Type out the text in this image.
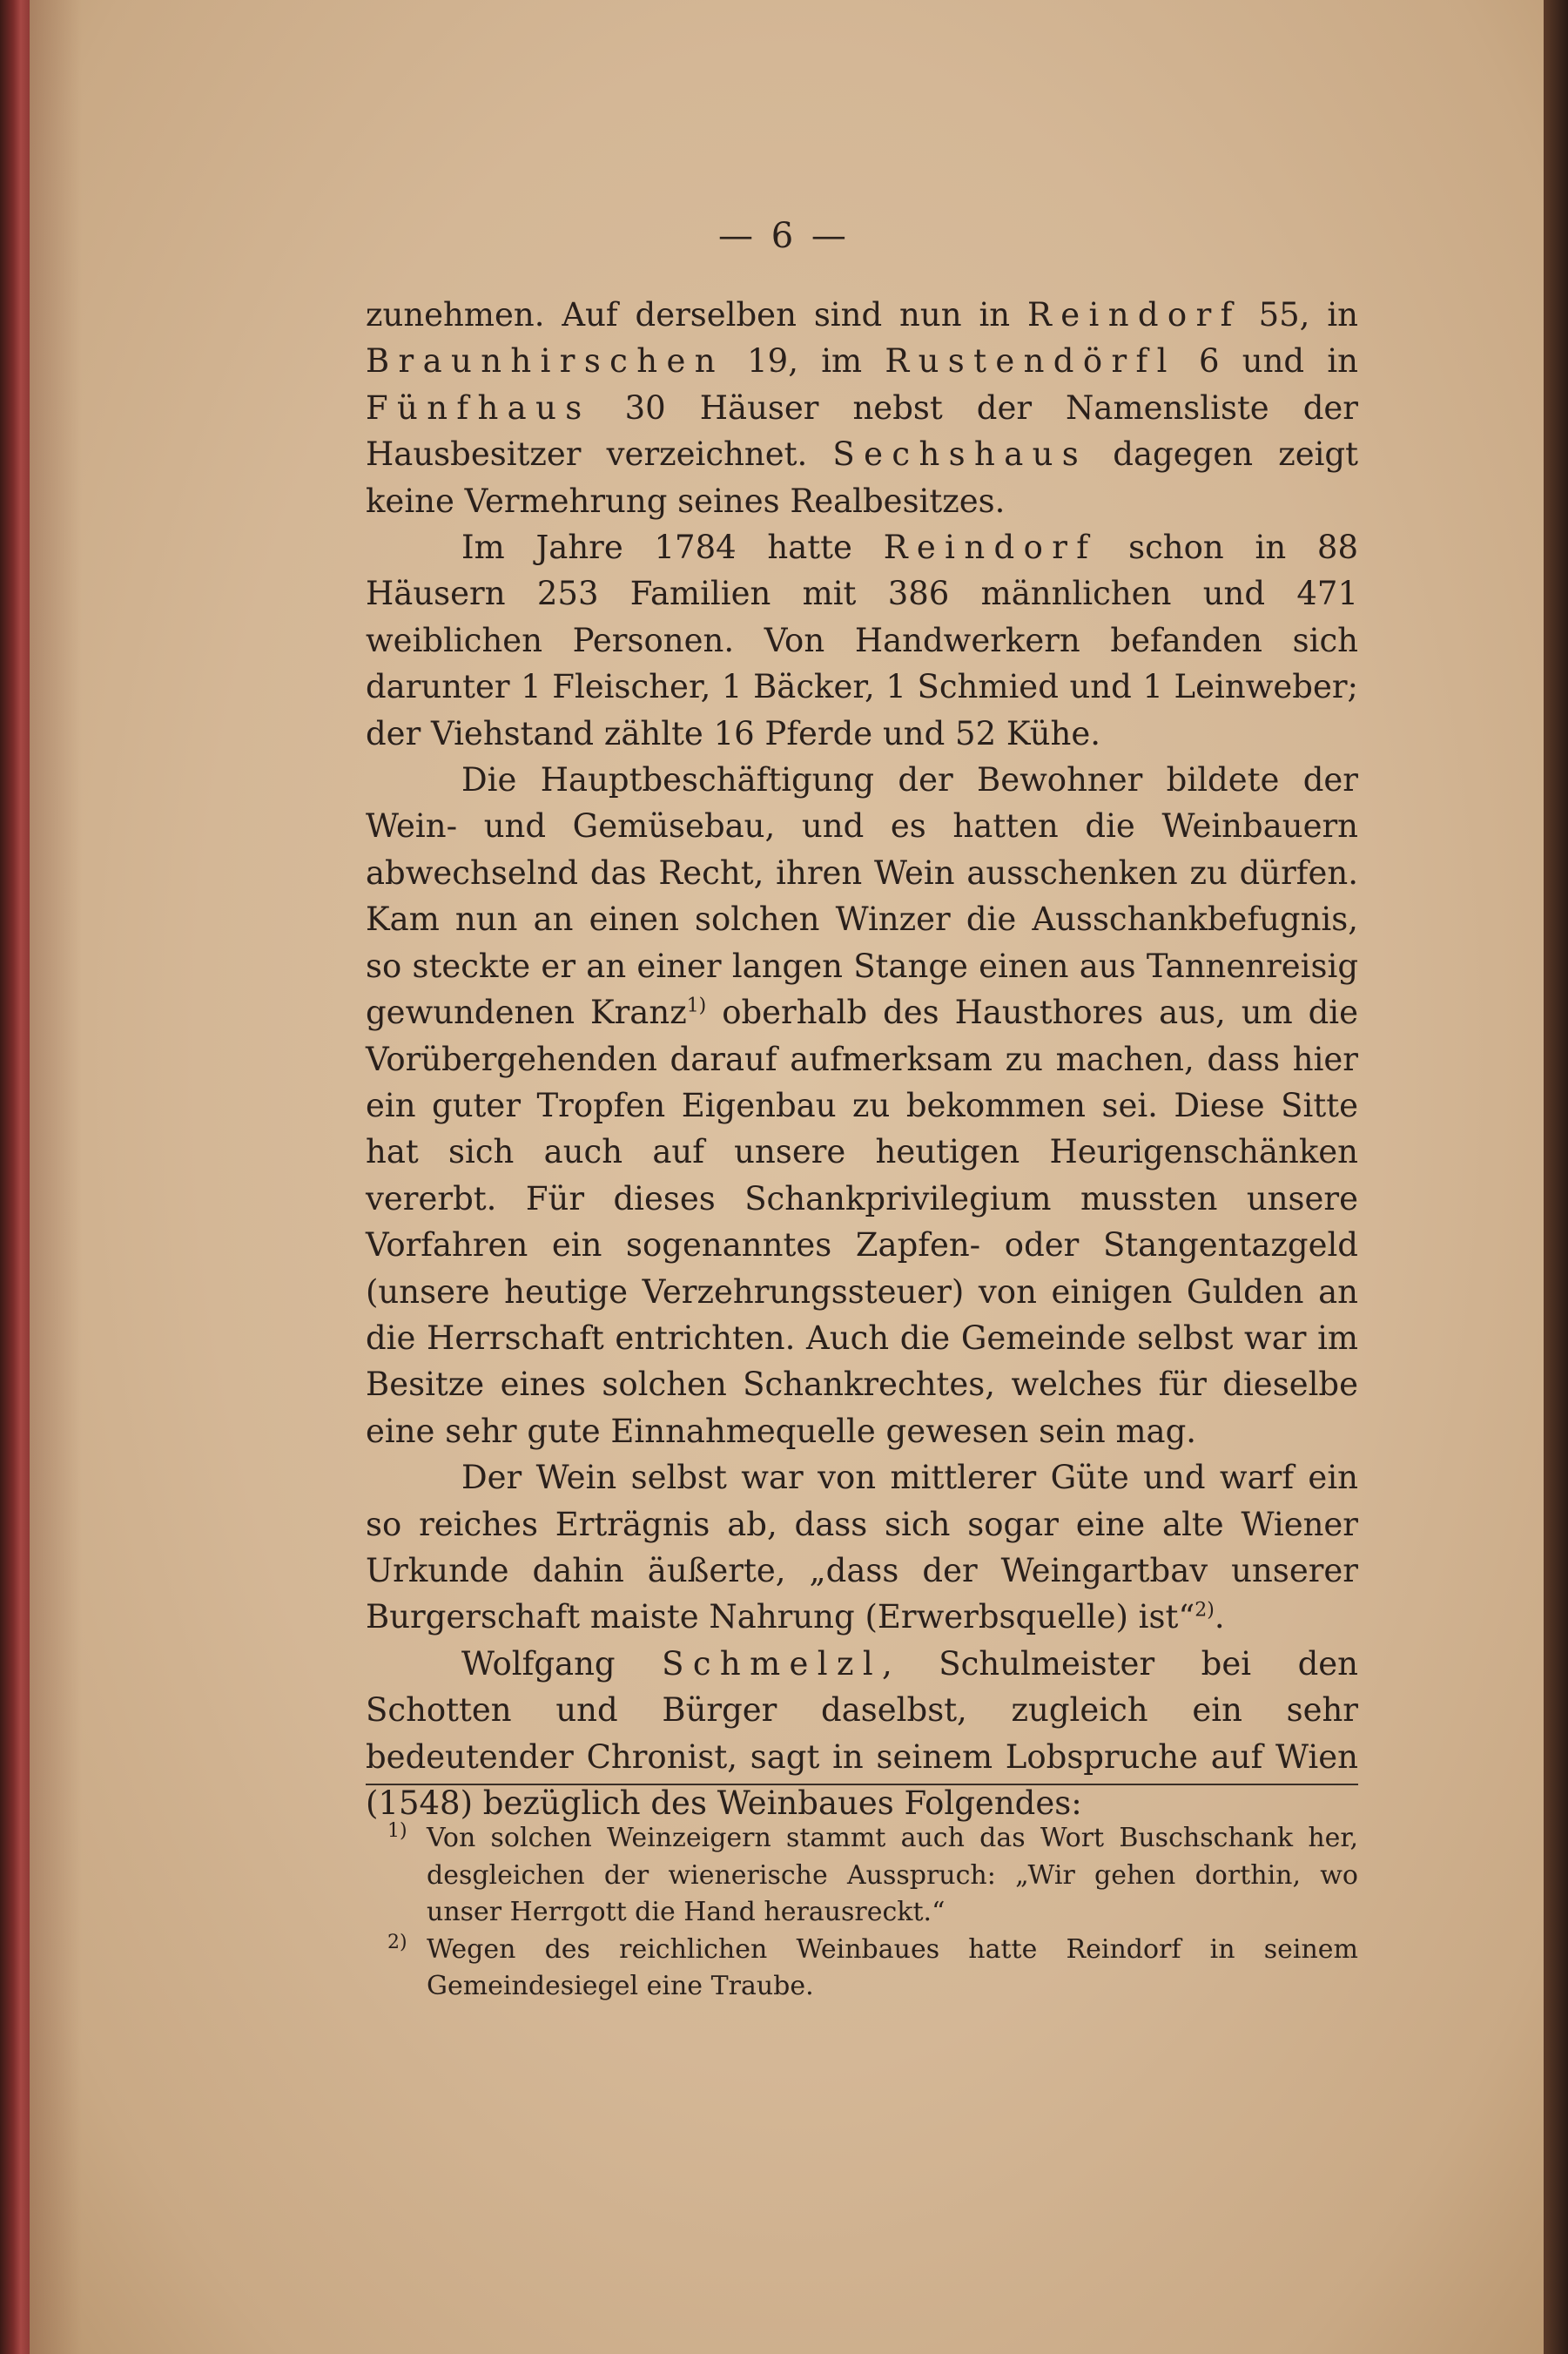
— 6 —

zunehmen. Auf derselben sind nun in Reindorf 55, in Braunhirschen 19, im Rustendörfl 6 und in Fünfhaus 30 Häuser nebst der Namensliste der Hausbesitzer verzeichnet. Sechshaus dagegen zeigt keine Vermehrung seines Realbesitzes.

Im Jahre 1784 hatte Reindorf schon in 88 Häusern 253 Familien mit 386 männlichen und 471 weiblichen Personen. Von Handwerkern befanden sich darunter 1 Fleischer, 1 Bäcker, 1 Schmied und 1 Leinweber; der Viehstand zählte 16 Pferde und 52 Kühe.

Die Hauptbeschäftigung der Bewohner bildete der Wein- und Gemüsebau, und es hatten die Weinbauern abwechselnd das Recht, ihren Wein ausschenken zu dürfen. Kam nun an einen solchen Winzer die Ausschankbefugnis, so steckte er an einer langen Stange einen aus Tannenreisig gewundenen Kranz$^{1)}$ oberhalb des Hausthores aus, um die Vorübergehenden darauf aufmerksam zu machen, dass hier ein guter Tropfen Eigenbau zu bekommen sei. Diese Sitte hat sich auch auf unsere heutigen Heurigenschänken vererbt. Für dieses Schankprivilegium mussten unsere Vorfahren ein sogenanntes Zapfen- oder Stangentazgeld (unsere heutige Verzehrungssteuer) von einigen Gulden an die Herrschaft entrichten. Auch die Gemeinde selbst war im Besitze eines solchen Schankrechtes, welches für dieselbe eine sehr gute Einnahmequelle gewesen sein mag.

Der Wein selbst war von mittlerer Güte und warf ein so reiches Erträgnis ab, dass sich sogar eine alte Wiener Urkunde dahin äußerte, „dass der Weingartbav unserer Burgerschaft maiste Nahrung (Erwerbsquelle) ist“$^{2)}$.

Wolfgang Schmelzl, Schulmeister bei den Schotten und Bürger daselbst, zugleich ein sehr bedeutender Chronist, sagt in seinem Lobspruche auf Wien (1548) bezüglich des Weinbaues Folgendes:

1) Von solchen Weinzeigern stammt auch das Wort Buschschank her, desgleichen der wienerische Ausspruch: „Wir gehen dorthin, wo unser Herrgott die Hand herausreckt.“
2) Wegen des reichlichen Weinbaues hatte Reindorf in seinem Gemeindesiegel eine Traube.
